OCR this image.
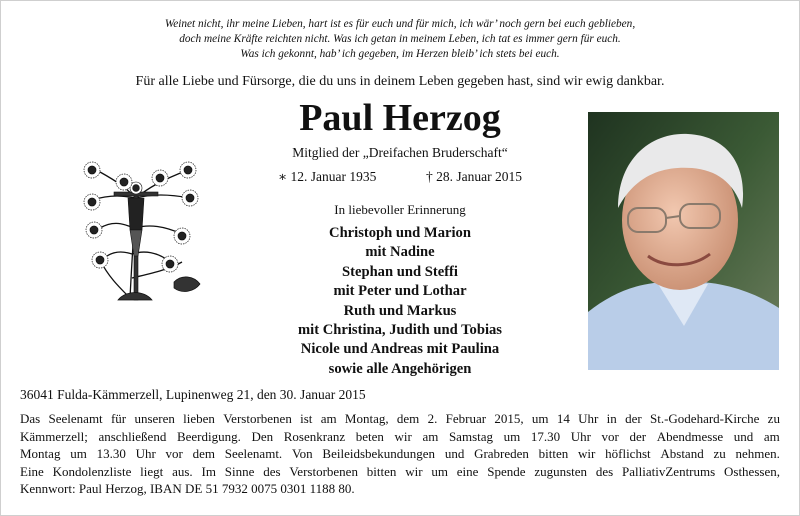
Weinet nicht, ihr meine Lieben, hart ist es für euch und für mich, ich wär’ noch gern bei euch geblieben,
doch meine Kräfte reichten nicht. Was ich getan in meinem Leben, ich tat es immer gern für euch.
Was ich gekonnt, hab’ ich gegeben, im Herzen bleib’ ich stets bei euch.
Für alle Liebe und Fürsorge, die du uns in deinem Leben gegeben hast, sind wir ewig dankbar.
Paul Herzog
Mitglied der „Dreifachen Bruderschaft“
∗ 12. Januar 1935	† 28. Januar 2015
In liebevoller Erinnerung
Christoph und Marion
mit Nadine
Stephan und Steffi
mit Peter und Lothar
Ruth und Markus
mit Christina, Judith und Tobias
Nicole und Andreas mit Paulina
sowie alle Angehörigen
36041 Fulda-Kämmerzell, Lupinenweg 21, den 30. Januar 2015
Das Seelenamt für unseren lieben Verstorbenen ist am Montag, dem 2. Februar 2015, um 14 Uhr in der St.-Godehard-Kirche zu
Kämmerzell; anschließend Beerdigung. Den Rosenkranz beten wir am Samstag um 17.30 Uhr vor der Abendmesse und am
Montag um 13.30 Uhr vor dem Seelenamt. Von Beileidsbekundungen und Grabreden bitten wir höflichst Abstand zu nehmen.
Eine Kondolenzliste liegt aus. Im Sinne des Verstorbenen bitten wir um eine Spende zugunsten des PalliativZentrums Osthessen,
Kennwort: Paul Herzog, IBAN DE 51 7932 0075 0301 1188 80.
